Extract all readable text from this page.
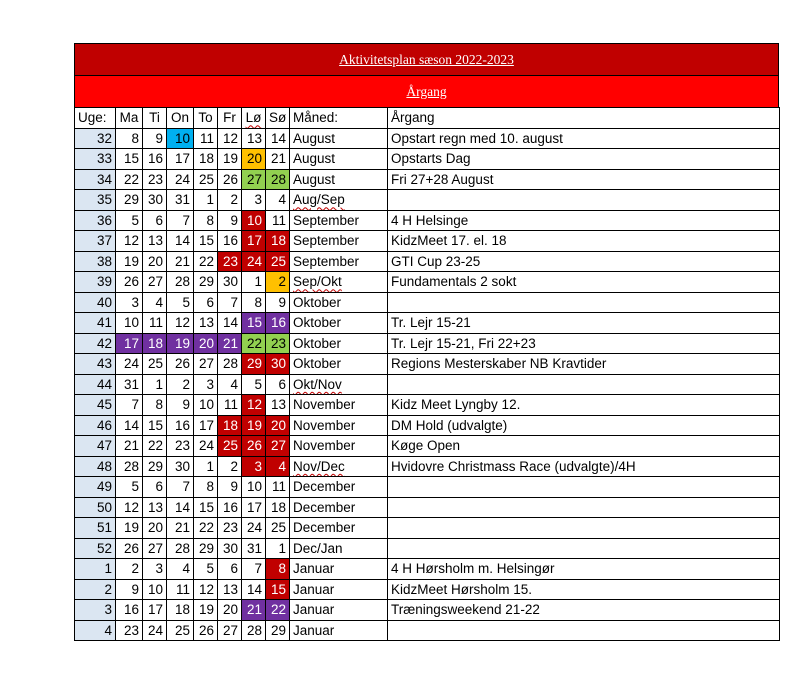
Aktivitetsplan sæson 2022-2023
Årgang
Uge:	Ma	Ti	On	To	Fr	Lø	Sø	Måned:	Årgang
32	8	9	10	11	12	13	14	August	Opstart regn med 10. august
33	15	16	17	18	19	20	21	August	Opstarts Dag
34	22	23	24	25	26	27	28	August	Fri 27+28 August
35	29	30	31	1	2	3	4	Aug/Sep	
36	5	6	7	8	9	10	11	September	4 H Helsinge
37	12	13	14	15	16	17	18	September	KidzMeet 17. el. 18
38	19	20	21	22	23	24	25	September	GTI Cup 23-25
39	26	27	28	29	30	1	2	Sep/Okt	Fundamentals 2 sokt
40	3	4	5	6	7	8	9	Oktober	
41	10	11	12	13	14	15	16	Oktober	Tr. Lejr 15-21
42	17	18	19	20	21	22	23	Oktober	Tr. Lejr 15-21, Fri 22+23
43	24	25	26	27	28	29	30	Oktober	Regions Mesterskaber NB Kravtider
44	31	1	2	3	4	5	6	Okt/Nov	
45	7	8	9	10	11	12	13	November	Kidz Meet Lyngby 12.
46	14	15	16	17	18	19	20	November	DM Hold (udvalgte)
47	21	22	23	24	25	26	27	November	Køge Open
48	28	29	30	1	2	3	4	Nov/Dec	Hvidovre Christmass Race (udvalgte)/4H
49	5	6	7	8	9	10	11	December	
50	12	13	14	15	16	17	18	December	
51	19	20	21	22	23	24	25	December	
52	26	27	28	29	30	31	1	Dec/Jan	
1	2	3	4	5	6	7	8	Januar	4 H Hørsholm m. Helsingør
2	9	10	11	12	13	14	15	Januar	KidzMeet Hørsholm 15.
3	16	17	18	19	20	21	22	Januar	Træningsweekend 21-22
4	23	24	25	26	27	28	29	Januar	
